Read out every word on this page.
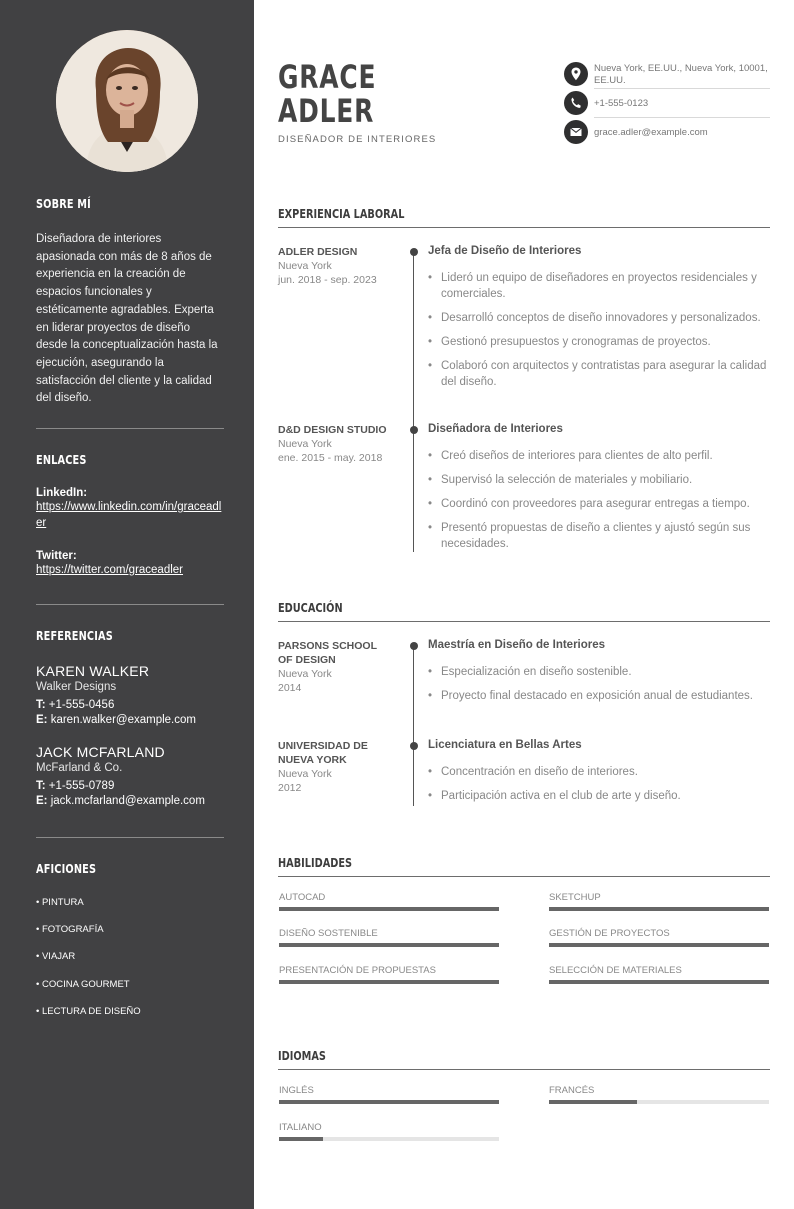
SOBRE MÍ
Diseñadora de interiores apasionada con más de 8 años de experiencia en la creación de espacios funcionales y estéticamente agradables. Experta en liderar proyectos de diseño desde la conceptualización hasta la ejecución, asegurando la satisfacción del cliente y la calidad del diseño.
ENLACES
LinkedIn:
https://www.linkedin.com/in/graceadler
Twitter:
https://twitter.com/graceadler
REFERENCIAS
KAREN WALKER
Walker Designs
T: +1-555-0456
E: karen.walker@example.com
JACK MCFARLAND
McFarland & Co.
T: +1-555-0789
E: jack.mcfarland@example.com
AFICIONES
• PINTURA
• FOTOGRAFÍA
• VIAJAR
• COCINA GOURMET
• LECTURA DE DISEÑO
GRACE
ADLER
DISEÑADOR DE INTERIORES
Nueva York, EE.UU., Nueva York, 10001, EE.UU.
+1-555-0123
grace.adler@example.com
EXPERIENCIA LABORAL
ADLER DESIGN
Nueva York
jun. 2018 - sep. 2023
Jefa de Diseño de Interiores
• Lideró un equipo de diseñadores en proyectos residenciales y comerciales.
• Desarrolló conceptos de diseño innovadores y personalizados.
• Gestionó presupuestos y cronogramas de proyectos.
• Colaboró con arquitectos y contratistas para asegurar la calidad del diseño.
D&D DESIGN STUDIO
Nueva York
ene. 2015 - may. 2018
Diseñadora de Interiores
• Creó diseños de interiores para clientes de alto perfil.
• Supervisó la selección de materiales y mobiliario.
• Coordinó con proveedores para asegurar entregas a tiempo.
• Presentó propuestas de diseño a clientes y ajustó según sus necesidades.
EDUCACIÓN
PARSONS SCHOOL OF DESIGN
Nueva York
2014
Maestría en Diseño de Interiores
• Especialización en diseño sostenible.
• Proyecto final destacado en exposición anual de estudiantes.
UNIVERSIDAD DE NUEVA YORK
Nueva York
2012
Licenciatura en Bellas Artes
• Concentración en diseño de interiores.
• Participación activa en el club de arte y diseño.
HABILIDADES
AUTOCAD	SKETCHUP
DISEÑO SOSTENIBLE	GESTIÓN DE PROYECTOS
PRESENTACIÓN DE PROPUESTAS	SELECCIÓN DE MATERIALES
IDIOMAS
INGLÉS	FRANCÉS
ITALIANO
